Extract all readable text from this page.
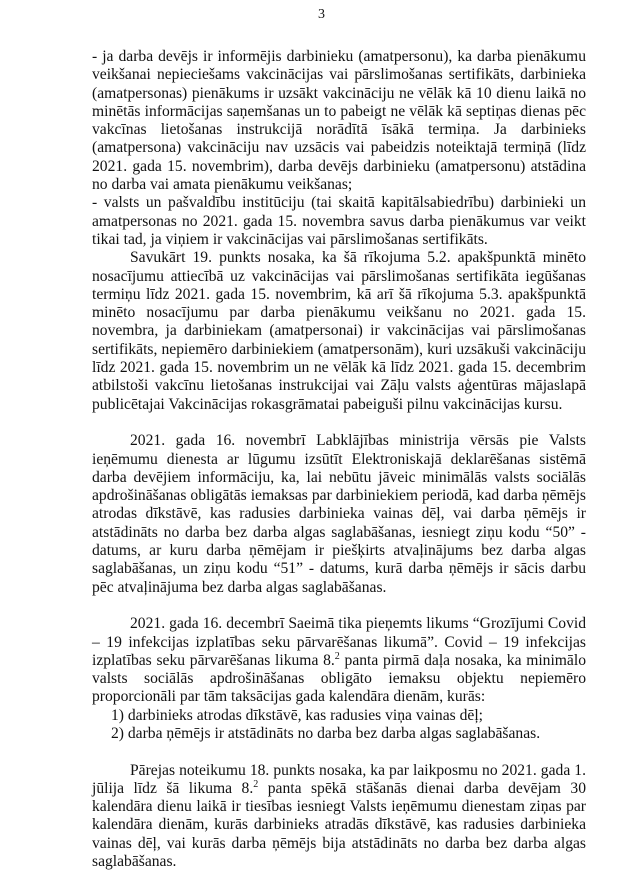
3

- ja darba devējs ir informējis darbinieku (amatpersonu), ka darba pienākumu veikšanai nepieciešams vakcinācijas vai pārslimošanas sertifikāts, darbinieka (amatpersonas) pienākums ir uzsākt vakcināciju ne vēlāk kā 10 dienu laikā no minētās informācijas saņemšanas un to pabeigt ne vēlāk kā septiņas dienas pēc vakcīnas lietošanas instrukcijā norādītā īsākā termiņa. Ja darbinieks (amatpersona) vakcināciju nav uzsācis vai pabeidzis noteiktajā termiņā (līdz 2021. gada 15. novembrim), darba devējs darbinieku (amatpersonu) atstādina no darba vai amata pienākumu veikšanas;

- valsts un pašvaldību institūciju (tai skaitā kapitālsabiedrību) darbinieki un amatpersonas no 2021. gada 15. novembra savus darba pienākumus var veikt tikai tad, ja viņiem ir vakcinācijas vai pārslimošanas sertifikāts.

Savukārt 19. punkts nosaka, ka šā rīkojuma 5.2. apakšpunktā minēto nosacījumu attiecībā uz vakcinācijas vai pārslimošanas sertifikāta iegūšanas termiņu līdz 2021. gada 15. novembrim, kā arī šā rīkojuma 5.3. apakšpunktā minēto nosacījumu par darba pienākumu veikšanu no 2021. gada 15. novembra, ja darbiniekam (amatpersonai) ir vakcinācijas vai pārslimošanas sertifikāts, nepiemēro darbiniekiem (amatpersonām), kuri uzsākuši vakcināciju līdz 2021. gada 15. novembrim un ne vēlāk kā līdz 2021. gada 15. decembrim atbilstoši vakcīnu lietošanas instrukcijai vai Zāļu valsts aģentūras mājaslapā publicētajai Vakcinācijas rokasgrāmatai pabeiguši pilnu vakcinācijas kursu.

2021. gada 16. novembrī Labklājības ministrija vērsās pie Valsts ieņēmumu dienesta ar lūgumu izsūtīt Elektroniskajā deklarēšanas sistēmā darba devējiem informāciju, ka, lai nebūtu jāveic minimālās valsts sociālās apdrošināšanas obligātās iemaksas par darbiniekiem periodā, kad darba ņēmējs atrodas dīkstāvē, kas radusies darbinieka vainas dēļ, vai darba ņēmējs ir atstādināts no darba bez darba algas saglabāšanas, iesniegt ziņu kodu “50” - datums, ar kuru darba ņēmējam ir piešķirts atvaļinājums bez darba algas saglabāšanas, un ziņu kodu “51” - datums, kurā darba ņēmējs ir sācis darbu pēc atvaļinājuma bez darba algas saglabāšanas.

2021. gada 16. decembrī Saeimā tika pieņemts likums “Grozījumi Covid – 19 infekcijas izplatības seku pārvarēšanas likumā”. Covid – 19 infekcijas izplatības seku pārvarēšanas likuma 8.$^2$ panta pirmā daļa nosaka, ka minimālo valsts sociālās apdrošināšanas obligāto iemaksu objektu nepiemēro proporcionāli par tām taksācijas gada kalendāra dienām, kurās:

1) darbinieks atrodas dīkstāvē, kas radusies viņa vainas dēļ;

2) darba ņēmējs ir atstādināts no darba bez darba algas saglabāšanas.

Pārejas noteikumu 18. punkts nosaka, ka par laikposmu no 2021. gada 1. jūlija līdz šā likuma 8.$^2$ panta spēkā stāšanās dienai darba devējam 30 kalendāra dienu laikā ir tiesības iesniegt Valsts ieņēmumu dienestam ziņas par kalendāra dienām, kurās darbinieks atradās dīkstāvē, kas radusies darbinieka vainas dēļ, vai kurās darba ņēmējs bija atstādināts no darba bez darba algas saglabāšanas.
